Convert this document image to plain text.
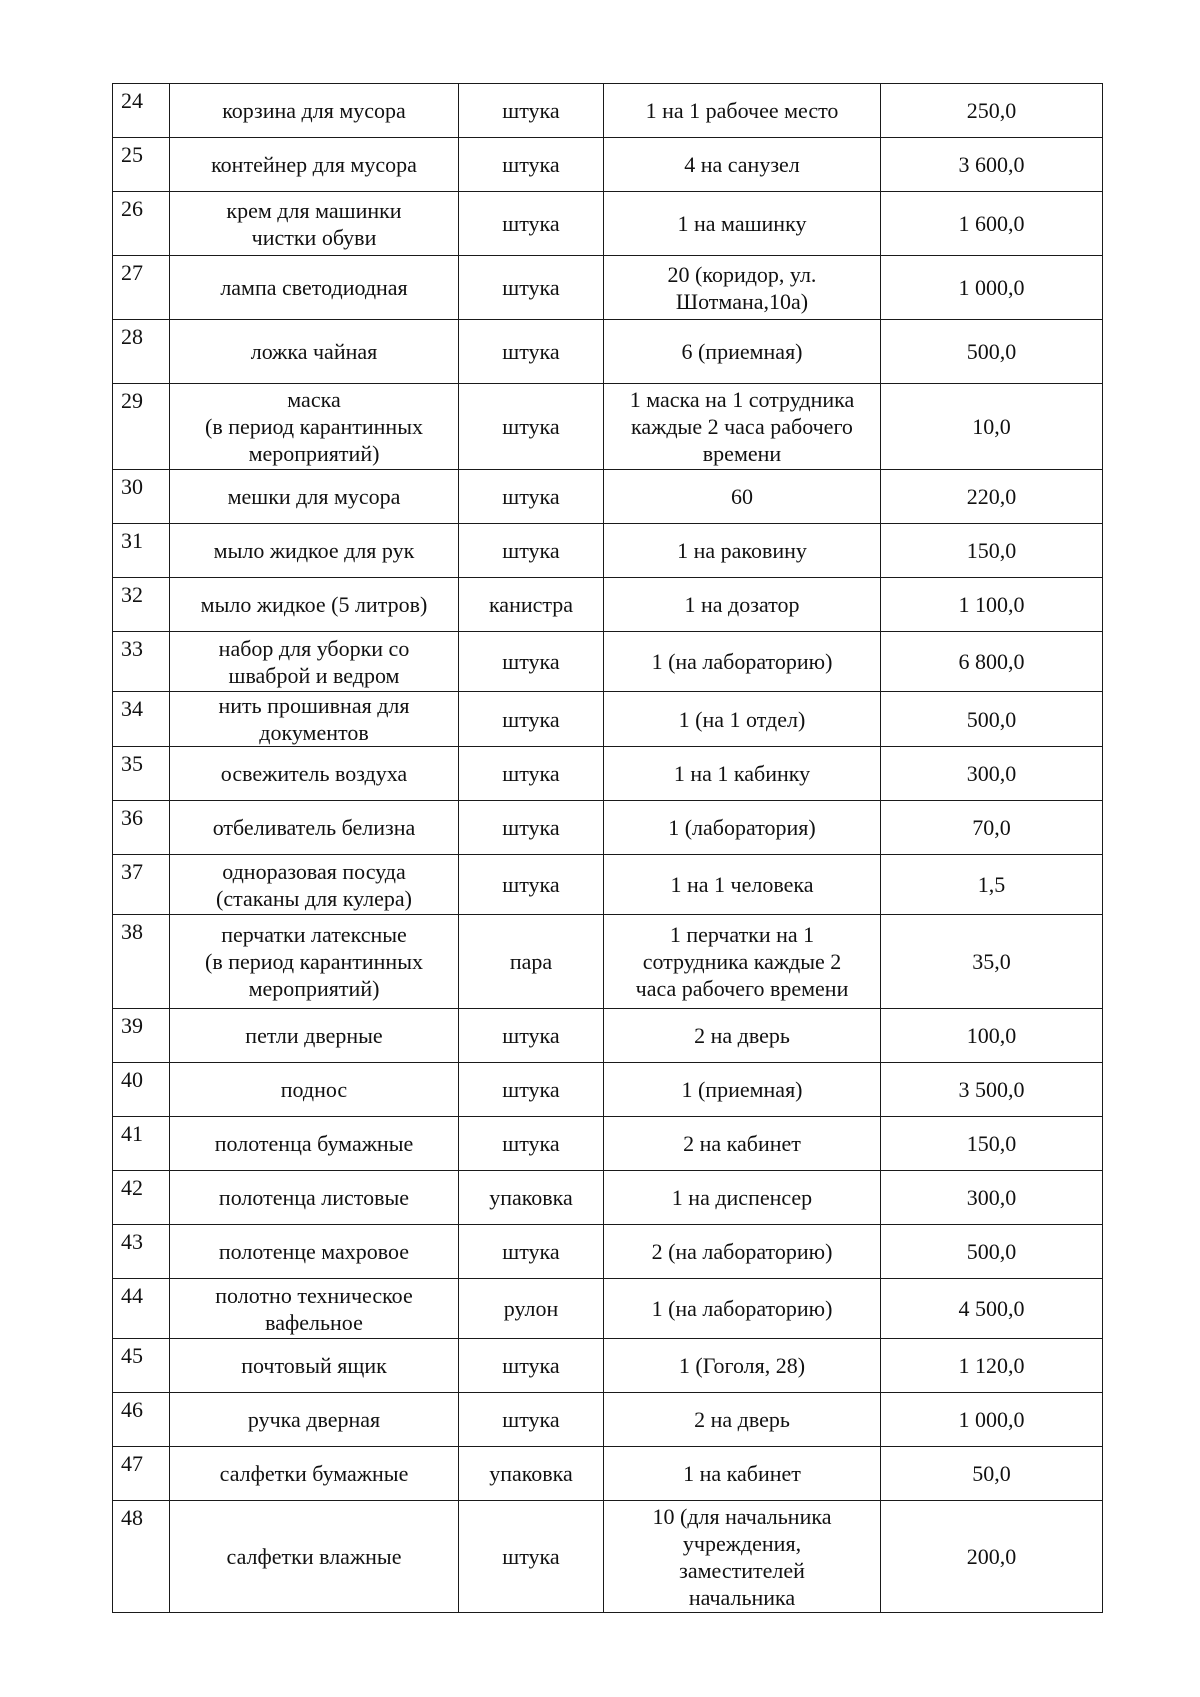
24	корзина для мусора	штука	1 на 1 рабочее место	250,0

25	контейнер для мусора	штука	4 на санузел	3 600,0

26	крем для машинки
чистки обуви	штука	1 на машинку	1 600,0

27	лампа светодиодная	штука	20 (коридор, ул.
Шотмана,10а)	1 000,0

28	ложка чайная	штука	6 (приемная)	500,0

29	маска
(в период карантинных
мероприятий)	штука	1 маска на 1 сотрудника
каждые 2 часа рабочего
времени	10,0

30	мешки для мусора	штука	60	220,0

31	мыло жидкое для рук	штука	1 на раковину	150,0

32	мыло жидкое (5 литров)	канистра	1 на дозатор	1 100,0

33	набор для уборки со
шваброй и ведром	штука	1 (на лабораторию)	6 800,0

34	нить прошивная для
документов	штука	1 (на 1 отдел)	500,0

35	освежитель воздуха	штука	1 на 1 кабинку	300,0

36	отбеливатель белизна	штука	1 (лаборатория)	70,0

37	одноразовая посуда
(стаканы для кулера)	штука	1 на 1 человека	1,5

38	перчатки латексные
(в период карантинных
мероприятий)	пара	1 перчатки на 1
сотрудника каждые 2
часа рабочего времени	35,0

39	петли дверные	штука	2 на дверь	100,0

40	поднос	штука	1 (приемная)	3 500,0

41	полотенца бумажные	штука	2 на кабинет	150,0

42	полотенца листовые	упаковка	1 на диспенсер	300,0

43	полотенце махровое	штука	2 (на лабораторию)	500,0

44	полотно техническое
вафельное	рулон	1 (на лабораторию)	4 500,0

45	почтовый ящик	штука	1 (Гоголя, 28)	1 120,0

46	ручка дверная	штука	2 на дверь	1 000,0

47	салфетки бумажные	упаковка	1 на кабинет	50,0

48	салфетки влажные	штука	10 (для начальника
учреждения,
заместителей
начальника	200,0
